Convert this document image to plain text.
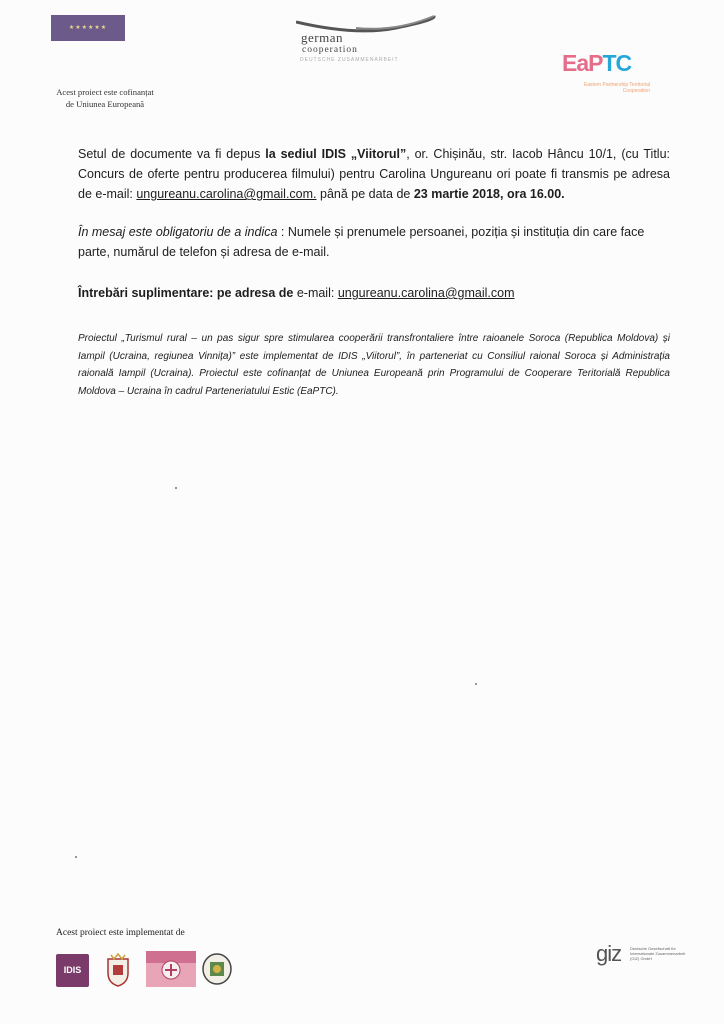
★★★★★★
Acest proiect este cofinanțat
de Uniunea Europeană
german
cooperation
DEUTSCHE ZUSAMMENARBEIT	EaPTC
Eastern Partnership Territorial Cooperation
Setul de documente va fi depus la sediul IDIS „Viitorul”, or. Chișinău, str. Iacob Hâncu 10/1, (cu Titlu: Concurs de oferte pentru producerea filmului) pentru Carolina Ungureanu ori poate fi transmis pe adresa de e-mail: ungureanu.carolina@gmail.com. până pe data de 23 martie 2018, ora 16.00.
În mesaj este obligatoriu de a indica : Numele și prenumele persoanei, poziția și instituția din care face parte, numărul de telefon și adresa de e-mail.
Întrebări suplimentare: pe adresa de e-mail: ungureanu.carolina@gmail.com
Proiectul „Turismul rural – un pas sigur spre stimularea cooperării transfrontaliere între raioanele Soroca (Republica Moldova) și Iampil (Ucraina, regiunea Vinnița)” este implementat de IDIS „Viitorul”, în parteneriat cu Consiliul raional Soroca și Administrația raională Iampil (Ucraina). Proiectul este cofinanțat de Uniunea Europeană prin Programului de Cooperare Teritorială Republica Moldova – Ucraina în cadrul Parteneriatului Estic (EaPTC).
Acest proiect este implementat de
IDIS
giz Deutsche Gesellschaft für Internationale Zusammenarbeit (GIZ) GmbH
